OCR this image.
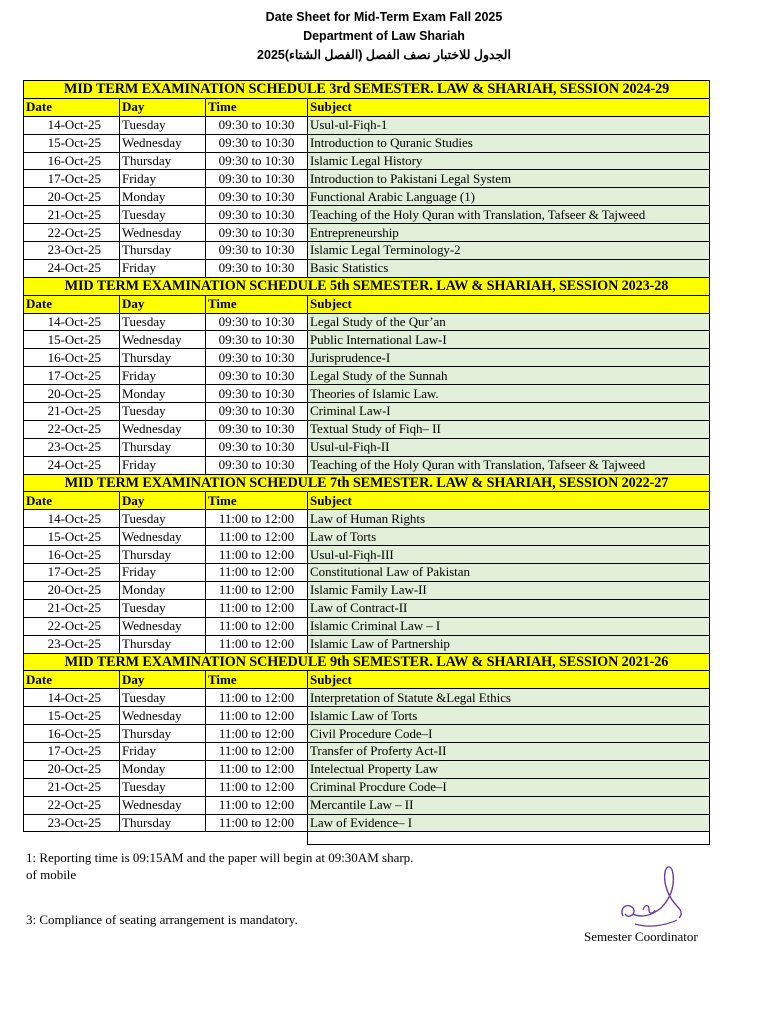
Date Sheet for Mid-Term Exam Fall 2025
Department of Law Shariah
الجدول للاختبار نصف الفصل (الفصل الشتاء)2025
MID TERM EXAMINATION SCHEDULE 3rd SEMESTER. LAW & SHARIAH, SESSION 2024-29			
Date	Day	Time	Subject
14-Oct-25	Tuesday	09:30 to 10:30	Usul-ul-Fiqh-1
15-Oct-25	Wednesday	09:30 to 10:30	Introduction to Quranic Studies
16-Oct-25	Thursday	09:30 to 10:30	Islamic Legal History
17-Oct-25	Friday	09:30 to 10:30	Introduction to Pakistani Legal System
20-Oct-25	Monday	09:30 to 10:30	Functional Arabic Language (1)
21-Oct-25	Tuesday	09:30 to 10:30	Teaching of the Holy Quran with Translation, Tafseer & Tajweed
22-Oct-25	Wednesday	09:30 to 10:30	Entrepreneurship
23-Oct-25	Thursday	09:30 to 10:30	Islamic Legal Terminology-2
24-Oct-25	Friday	09:30 to 10:30	Basic Statistics
MID TERM EXAMINATION SCHEDULE 5th SEMESTER. LAW & SHARIAH, SESSION 2023-28			
Date	Day	Time	Subject
14-Oct-25	Tuesday	09:30 to 10:30	Legal Study of the Qur’an
15-Oct-25	Wednesday	09:30 to 10:30	Public International Law-I
16-Oct-25	Thursday	09:30 to 10:30	Jurisprudence-I
17-Oct-25	Friday	09:30 to 10:30	Legal Study of the Sunnah
20-Oct-25	Monday	09:30 to 10:30	Theories of Islamic Law.
21-Oct-25	Tuesday	09:30 to 10:30	Criminal Law-I
22-Oct-25	Wednesday	09:30 to 10:30	Textual Study of Fiqh– II
23-Oct-25	Thursday	09:30 to 10:30	Usul-ul-Fiqh-II
24-Oct-25	Friday	09:30 to 10:30	Teaching of the Holy Quran with Translation, Tafseer & Tajweed
MID TERM EXAMINATION SCHEDULE 7th SEMESTER. LAW & SHARIAH, SESSION 2022-27			
Date	Day	Time	Subject
14-Oct-25	Tuesday	11:00 to 12:00	Law of Human Rights
15-Oct-25	Wednesday	11:00 to 12:00	Law of Torts
16-Oct-25	Thursday	11:00 to 12:00	Usul-ul-Fiqh-III
17-Oct-25	Friday	11:00 to 12:00	Constitutional Law of Pakistan
20-Oct-25	Monday	11:00 to 12:00	Islamic Family Law-II
21-Oct-25	Tuesday	11:00 to 12:00	Law of Contract-II
22-Oct-25	Wednesday	11:00 to 12:00	Islamic Criminal Law – I
23-Oct-25	Thursday	11:00 to 12:00	Islamic Law of Partnership
MID TERM EXAMINATION SCHEDULE 9th SEMESTER. LAW & SHARIAH, SESSION 2021-26			
Date	Day	Time	Subject
14-Oct-25	Tuesday	11:00 to 12:00	Interpretation of Statute &Legal Ethics
15-Oct-25	Wednesday	11:00 to 12:00	Islamic Law of Torts
16-Oct-25	Thursday	11:00 to 12:00	Civil Procedure Code–I
17-Oct-25	Friday	11:00 to 12:00	Transfer of Proferty Act-II
20-Oct-25	Monday	11:00 to 12:00	Intelectual Property Law
21-Oct-25	Tuesday	11:00 to 12:00	Criminal Procdure Code–I
22-Oct-25	Wednesday	11:00 to 12:00	Mercantile Law – II
23-Oct-25	Thursday	11:00 to 12:00	Law of Evidence– I

1: Reporting time is 09:15AM and the paper will begin at 09:30AM sharp.
of mobile
3: Compliance of seating arrangement is mandatory.
Semester Coordinator
